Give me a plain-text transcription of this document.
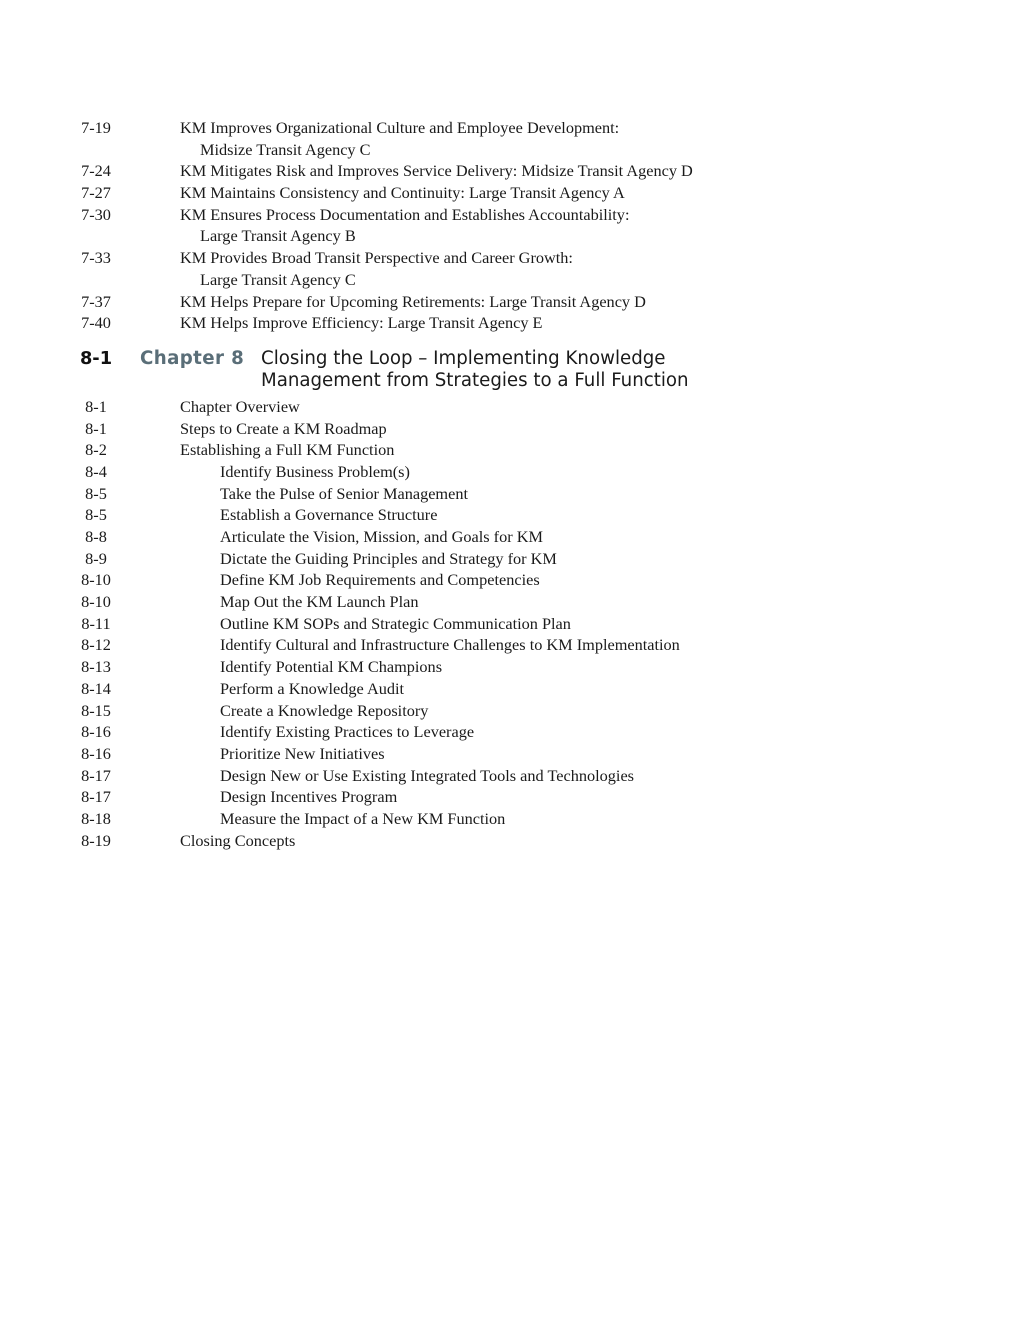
7-19	KM Improves Organizational Culture and Employee Development:
Midsize Transit Agency C
7-24	KM Mitigates Risk and Improves Service Delivery: Midsize Transit Agency D
7-27	KM Maintains Consistency and Continuity: Large Transit Agency A
7-30	KM Ensures Process Documentation and Establishes Accountability:
Large Transit Agency B
7-33	KM Provides Broad Transit Perspective and Career Growth:
Large Transit Agency C
7-37	KM Helps Prepare for Upcoming Retirements: Large Transit Agency D
7-40	KM Helps Improve Efficiency: Large Transit Agency E
8-1	Chapter 8 Closing the Loop – Implementing Knowledge
Management from Strategies to a Full Function
8-1	Chapter Overview
8-1	Steps to Create a KM Roadmap
8-2	Establishing a Full KM Function
8-4	Identify Business Problem(s)
8-5	Take the Pulse of Senior Management
8-5	Establish a Governance Structure
8-8	Articulate the Vision, Mission, and Goals for KM
8-9	Dictate the Guiding Principles and Strategy for KM
8-10	Define KM Job Requirements and Competencies
8-10	Map Out the KM Launch Plan
8-11	Outline KM SOPs and Strategic Communication Plan
8-12	Identify Cultural and Infrastructure Challenges to KM Implementation
8-13	Identify Potential KM Champions
8-14	Perform a Knowledge Audit
8-15	Create a Knowledge Repository
8-16	Identify Existing Practices to Leverage
8-16	Prioritize New Initiatives
8-17	Design New or Use Existing Integrated Tools and Technologies
8-17	Design Incentives Program
8-18	Measure the Impact of a New KM Function
8-19	Closing Concepts
